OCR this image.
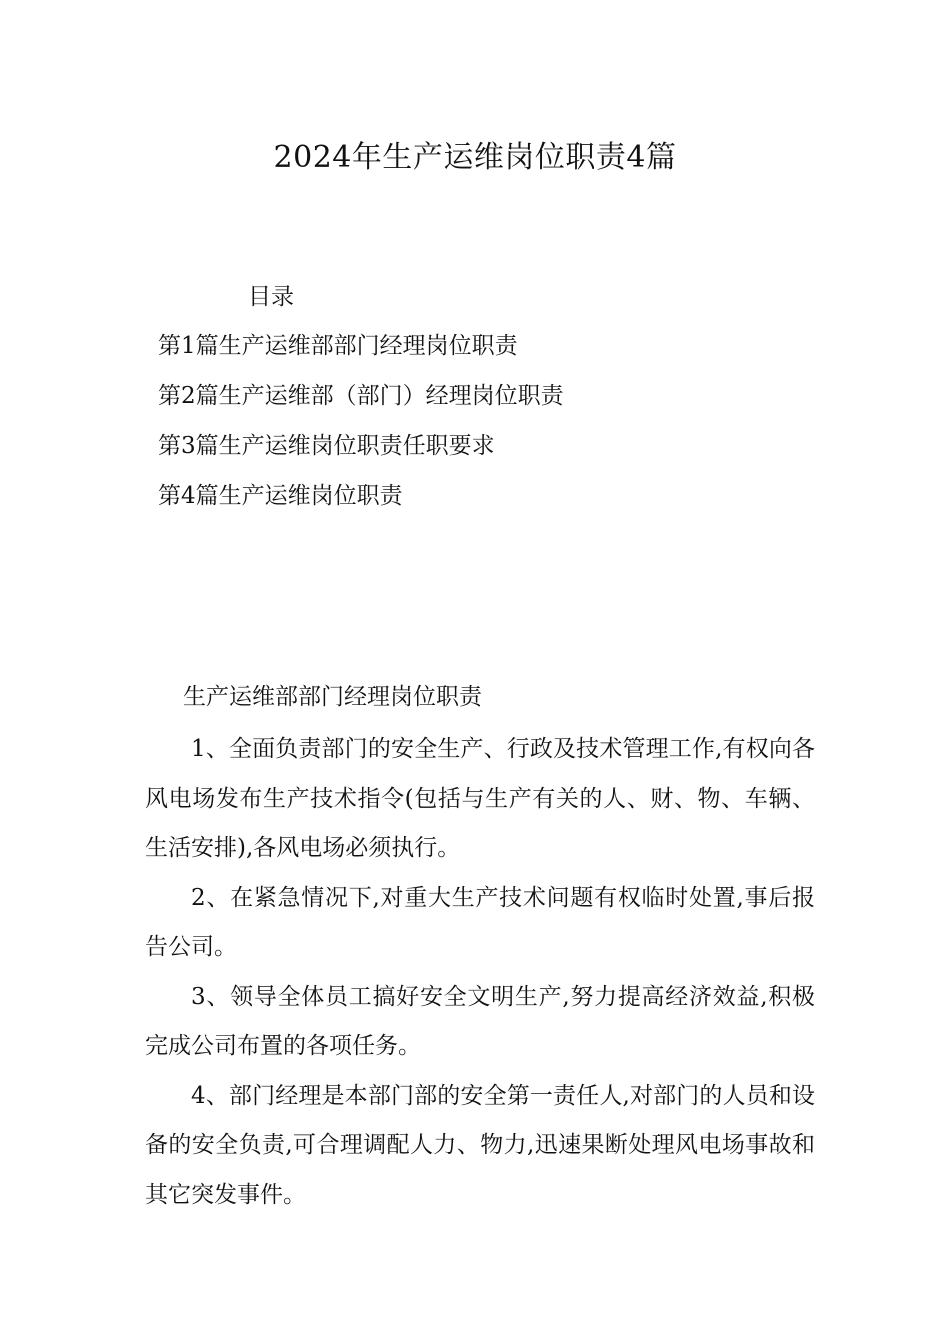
2024年生产运维岗位职责4篇
目录
第1篇生产运维部部门经理岗位职责
第2篇生产运维部（部门）经理岗位职责
第3篇生产运维岗位职责任职要求
第4篇生产运维岗位职责
生产运维部部门经理岗位职责

1、全面负责部门的安全生产、行政及技术管理工作,有权向各风电场发布生产技术指令(包括与生产有关的人、财、物、车辆、生活安排),各风电场必须执行。

2、在紧急情况下,对重大生产技术问题有权临时处置,事后报告公司。

3、领导全体员工搞好安全文明生产,努力提高经济效益,积极完成公司布置的各项任务。

4、部门经理是本部门部的安全第一责任人,对部门的人员和设备的安全负责,可合理调配人力、物力,迅速果断处理风电场事故和其它突发事件。
